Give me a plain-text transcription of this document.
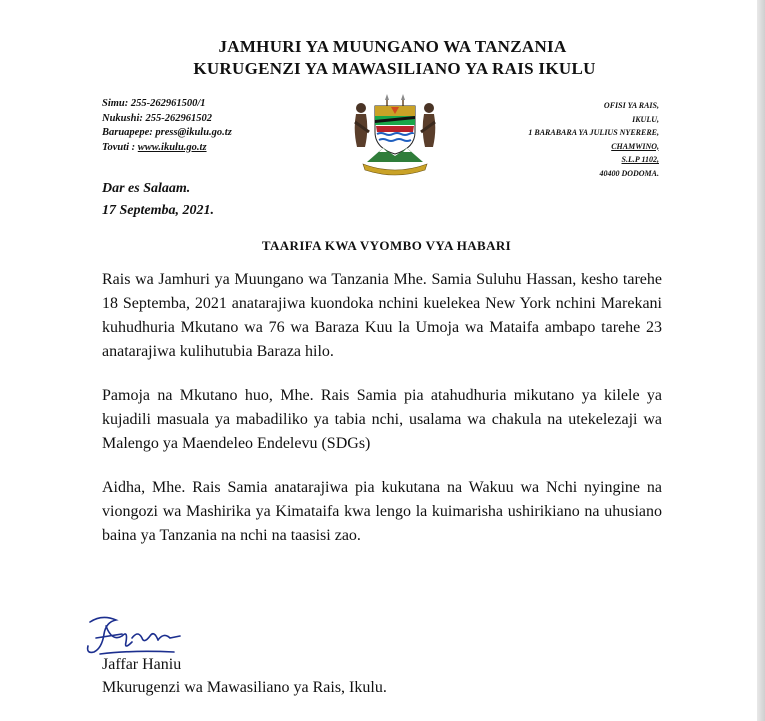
JAMHURI YA MUUNGANO WA TANZANIA
KURUGENZI YA MAWASILIANO YA RAIS IKULU
Simu: 255-262961500/1
Nukushi: 255-262961502
Baruapepe: press@ikulu.go.tz
Tovuti : www.ikulu.go.tz
OFISI YA RAIS,
IKULU,
1 BARABARA YA JULIUS NYERERE,
CHAMWINO,
S.L.P 1102,
40400 DODOMA.
Dar es Salaam.
17 Septemba, 2021.
TAARIFA KWA VYOMBO VYA HABARI

Rais wa Jamhuri ya Muungano wa Tanzania Mhe. Samia Suluhu Hassan, kesho tarehe 18 Septemba, 2021 anatarajiwa kuondoka nchini kuelekea New York nchini Marekani kuhudhuria Mkutano wa 76 wa Baraza Kuu la Umoja wa Mataifa ambapo tarehe 23 anatarajiwa kulihutubia Baraza hilo.

Pamoja na Mkutano huo, Mhe. Rais Samia pia atahudhuria mikutano ya kilele ya kujadili masuala ya mabadiliko ya tabia nchi, usalama wa chakula na utekelezaji wa Malengo ya Maendeleo Endelevu (SDGs)

Aidha, Mhe. Rais Samia anatarajiwa pia kukutana na Wakuu wa Nchi nyingine na viongozi wa Mashirika ya Kimataifa kwa lengo la kuimarisha ushirikiano na uhusiano baina ya Tanzania na nchi na taasisi zao.

Jaffar Haniu
Mkurugenzi wa Mawasiliano ya Rais, Ikulu.
